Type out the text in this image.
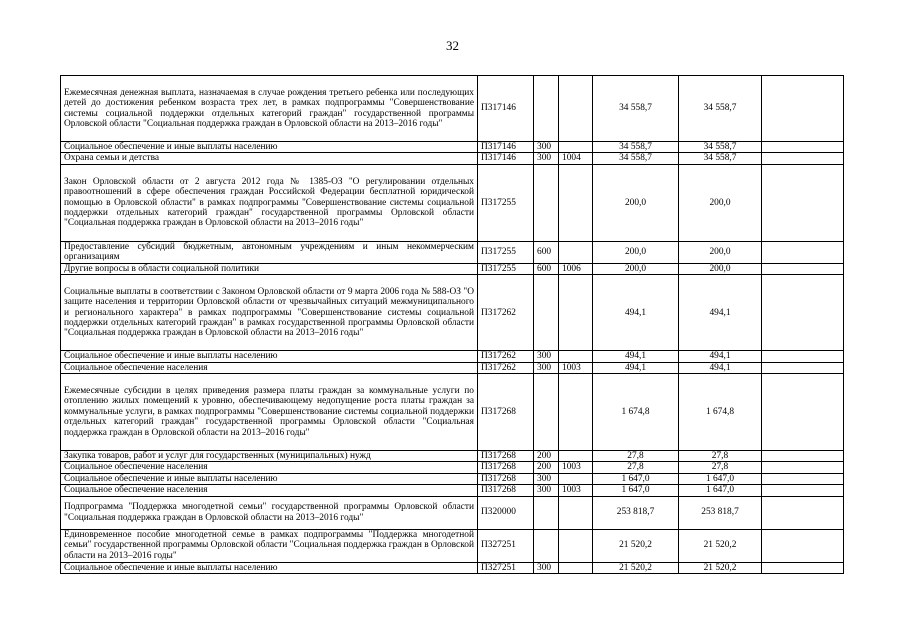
32
Ежемесячная денежная выплата, назначаемая в случае рождения третьего ребенка или последующих детей до достижения ребенком возраста трех лет, в рамках подпрограммы "Совершенствование системы социальной поддержки отдельных категорий граждан" государственной программы Орловской области "Социальная поддержка граждан в Орловской области на 2013–2016 годы"	П317146			34 558,7	34 558,7	
Социальное обеспечение и иные выплаты населению	П317146	300		34 558,7	34 558,7	
Охрана семьи и детства	П317146	300	1004	34 558,7	34 558,7	
Закон Орловской области от 2 августа 2012 года № 1385-ОЗ "О регулировании отдельных правоотношений в сфере обеспечения граждан Российской Федерации бесплатной юридической помощью в Орловской области" в рамках подпрограммы "Совершенствование системы социальной поддержки отдельных категорий граждан" государственной программы Орловской области "Социальная поддержка граждан в Орловской области на 2013–2016 годы"	П317255			200,0	200,0	
Предоставление субсидий бюджетным, автономным учреждениям и иным некоммерческим организациям	П317255	600		200,0	200,0	
Другие вопросы в области социальной политики	П317255	600	1006	200,0	200,0	
Социальные выплаты в соответствии с Законом Орловской области от 9 марта 2006 года № 588-ОЗ "О защите населения и территории Орловской области от чрезвычайных ситуаций межмуниципального и регионального характера" в рамках подпрограммы "Совершенствование системы социальной поддержки отдельных категорий граждан" в рамках государственной программы Орловской области "Социальная поддержка граждан в Орловской области на 2013–2016 годы"	П317262			494,1	494,1	
Социальное обеспечение и иные выплаты населению	П317262	300		494,1	494,1	
Социальное обеспечение населения	П317262	300	1003	494,1	494,1	
Ежемесячные субсидии в целях приведения размера платы граждан за коммунальные услуги по отоплению жилых помещений к уровню, обеспечивающему недопущение роста платы граждан за коммунальные услуги, в рамках подпрограммы "Совершенствование системы социальной поддержки отдельных категорий граждан" государственной программы Орловской области "Социальная поддержка граждан в Орловской области на 2013–2016 годы"	П317268			1 674,8	1 674,8	
Закупка товаров, работ и услуг для государственных (муниципальных) нужд	П317268	200		27,8	27,8	
Социальное обеспечение населения	П317268	200	1003	27,8	27,8	
Социальное обеспечение и иные выплаты населению	П317268	300		1 647,0	1 647,0	
Социальное обеспечение населения	П317268	300	1003	1 647,0	1 647,0	
Подпрограмма "Поддержка многодетной семьи" государственной программы Орловской области "Социальная поддержка граждан в Орловской области на 2013–2016 годы"	П320000			253 818,7	253 818,7	
Единовременное пособие многодетной семье в рамках подпрограммы "Поддержка многодетной семьи" государственной программы Орловской области "Социальная поддержка граждан в Орловской области на 2013–2016 годы"	П327251			21 520,2	21 520,2	
Социальное обеспечение и иные выплаты населению	П327251	300		21 520,2	21 520,2	
